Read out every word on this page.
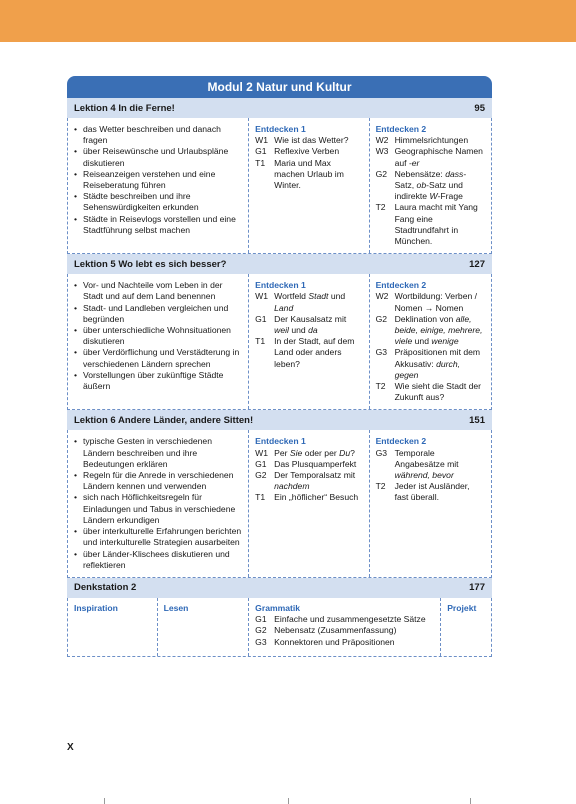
Modul 2 Natur und Kultur
Lektion 4 In die Ferne!	95
• das Wetter beschreiben und danach fragen
• über Reisewünsche und Urlaubspläne diskutieren
• Reiseanzeigen verstehen und eine Reiseberatung führen
• Städte beschreiben und ihre Sehenswürdigkeiten erkunden
• Städte in Reisevlogs vorstellen und eine Stadtführung selbst machen
Entdecken 1
W1 Wie ist das Wetter?
G1 Reflexive Verben
T1	Maria und Max machen Urlaub im Winter.
Entdecken 2
W2 Himmelsrichtungen
W3 Geographische Namen auf -er
G2 Nebensätze: dass-Satz, ob-Satz und indirekte W-Frage
T2	Laura macht mit Yang Fang eine Stadtrundfahrt in München.
Lektion 5 Wo lebt es sich besser?	127
• Vor- und Nachteile vom Leben in der Stadt und auf dem Land benennen
• Stadt- und Landleben vergleichen und begründen
• über unterschiedliche Wohnsituationen diskutieren
• über Verdörflichung und Verstädterung in verschiedenen Ländern sprechen
• Vorstellungen über zukünftige Städte äußern
Entdecken 1
W1 Wortfeld Stadt und Land
G1 Der Kausalsatz mit weil und da
T1	In der Stadt, auf dem Land oder anders leben?
Entdecken 2
W2 Wortbildung: Verben / Nomen → Nomen
G2 Deklination von alle, beide, einige, mehrere, viele und wenige
G3 Präpositionen mit dem Akkusativ: durch, gegen
T2	Wie sieht die Stadt der Zukunft aus?
Lektion 6 Andere Länder, andere Sitten!	151
• typische Gesten in verschiedenen Ländern beschreiben und ihre Bedeutungen erklären
• Regeln für die Anrede in verschiedenen Ländern kennen und verwenden
• sich nach Höflichkeitsregeln für Einladungen und Tabus in verschiedene Ländern erkundigen
• über interkulturelle Erfahrungen berichten und interkulturelle Strategien ausarbeiten
• über Länder-Klischees diskutieren und reflektieren
Entdecken 1
W1 Per Sie oder per Du?
G1 Das Plusquamperfekt
G2 Der Temporalsatz mit nachdem
T1	Ein „höflicher“ Besuch
Entdecken 2
G3 Temporale Angabesätze mit während, bevor
T2	Jeder ist Ausländer, fast überall.
Denkstation 2	177
Inspiration	Lesen	Grammatik
G1 Einfache und zusammengesetzte Sätze
G2 Nebensatz (Zusammenfassung)
G3 Konnektoren und Präpositionen
Projekt
X
